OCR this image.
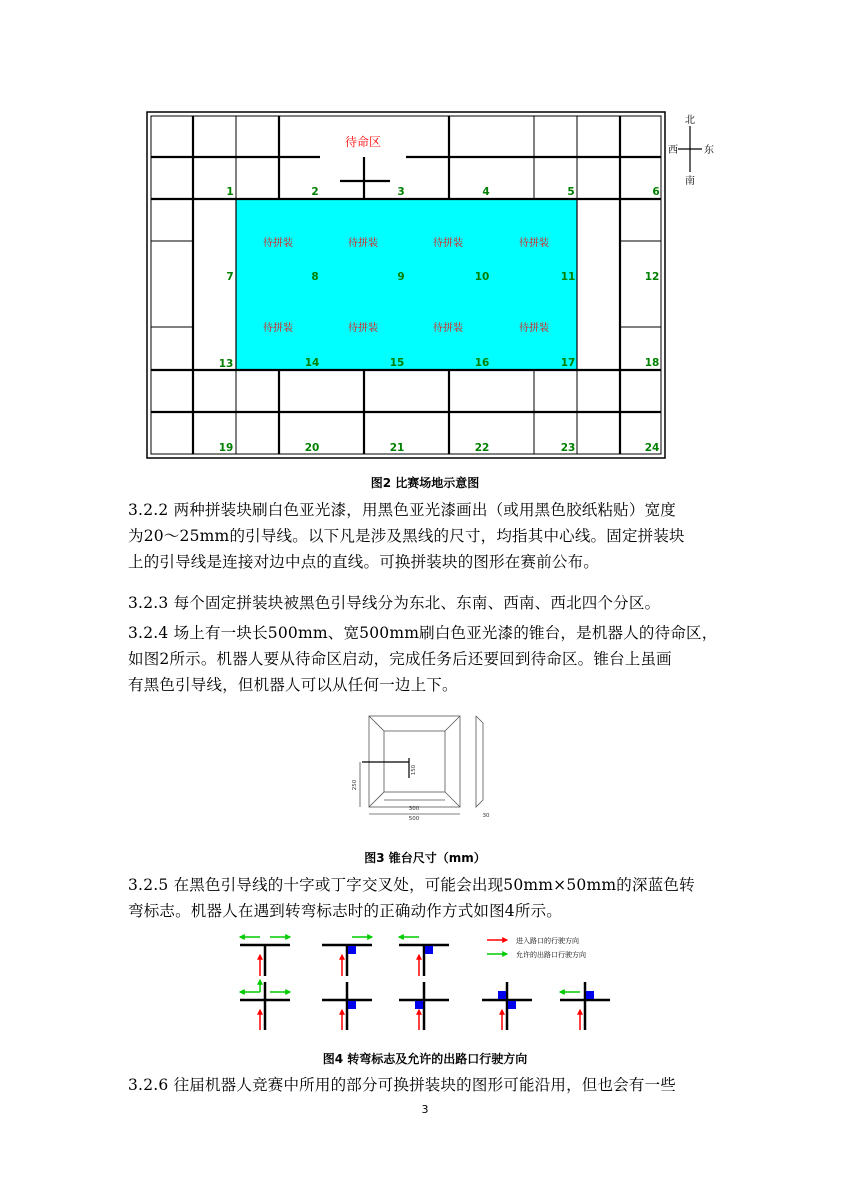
待命区
待拼装	待拼装	待拼装	待拼装
待拼装	待拼装	待拼装	待拼装
1	2	3	4	5	6
7	8	9	10	11	12
13	14	15	16	17	18
19	20	21	22	23	24
北
南
东
西
图2 比赛场地示意图

3.2.2 两种拼装块刷白色亚光漆，用黑色亚光漆画出（或用黑色胶纸粘贴）宽度

为20～25mm的引导线。以下凡是涉及黑线的尺寸，均指其中心线。固定拼装块

上的引导线是连接对边中点的直线。可换拼装块的图形在赛前公布。

3.2.3 每个固定拼装块被黑色引导线分为东北、东南、西南、西北四个分区。

3.2.4 场上有一块长500mm、宽500mm刷白色亚光漆的锥台，是机器人的待命区，

如图2所示。机器人要从待命区启动，完成任务后还要回到待命区。锥台上虽画

有黑色引导线，但机器人可以从任何一边上下。

250
150
300
500	30
图3 锥台尺寸（mm）

3.2.5 在黑色引导线的十字或丁字交叉处，可能会出现50mm×50mm的深蓝色转

弯标志。机器人在遇到转弯标志时的正确动作方式如图4所示。

进入路口的行驶方向
允许的出路口行驶方向
图4 转弯标志及允许的出路口行驶方向

3.2.6 往届机器人竞赛中所用的部分可换拼装块的图形可能沿用，但也会有一些

3
